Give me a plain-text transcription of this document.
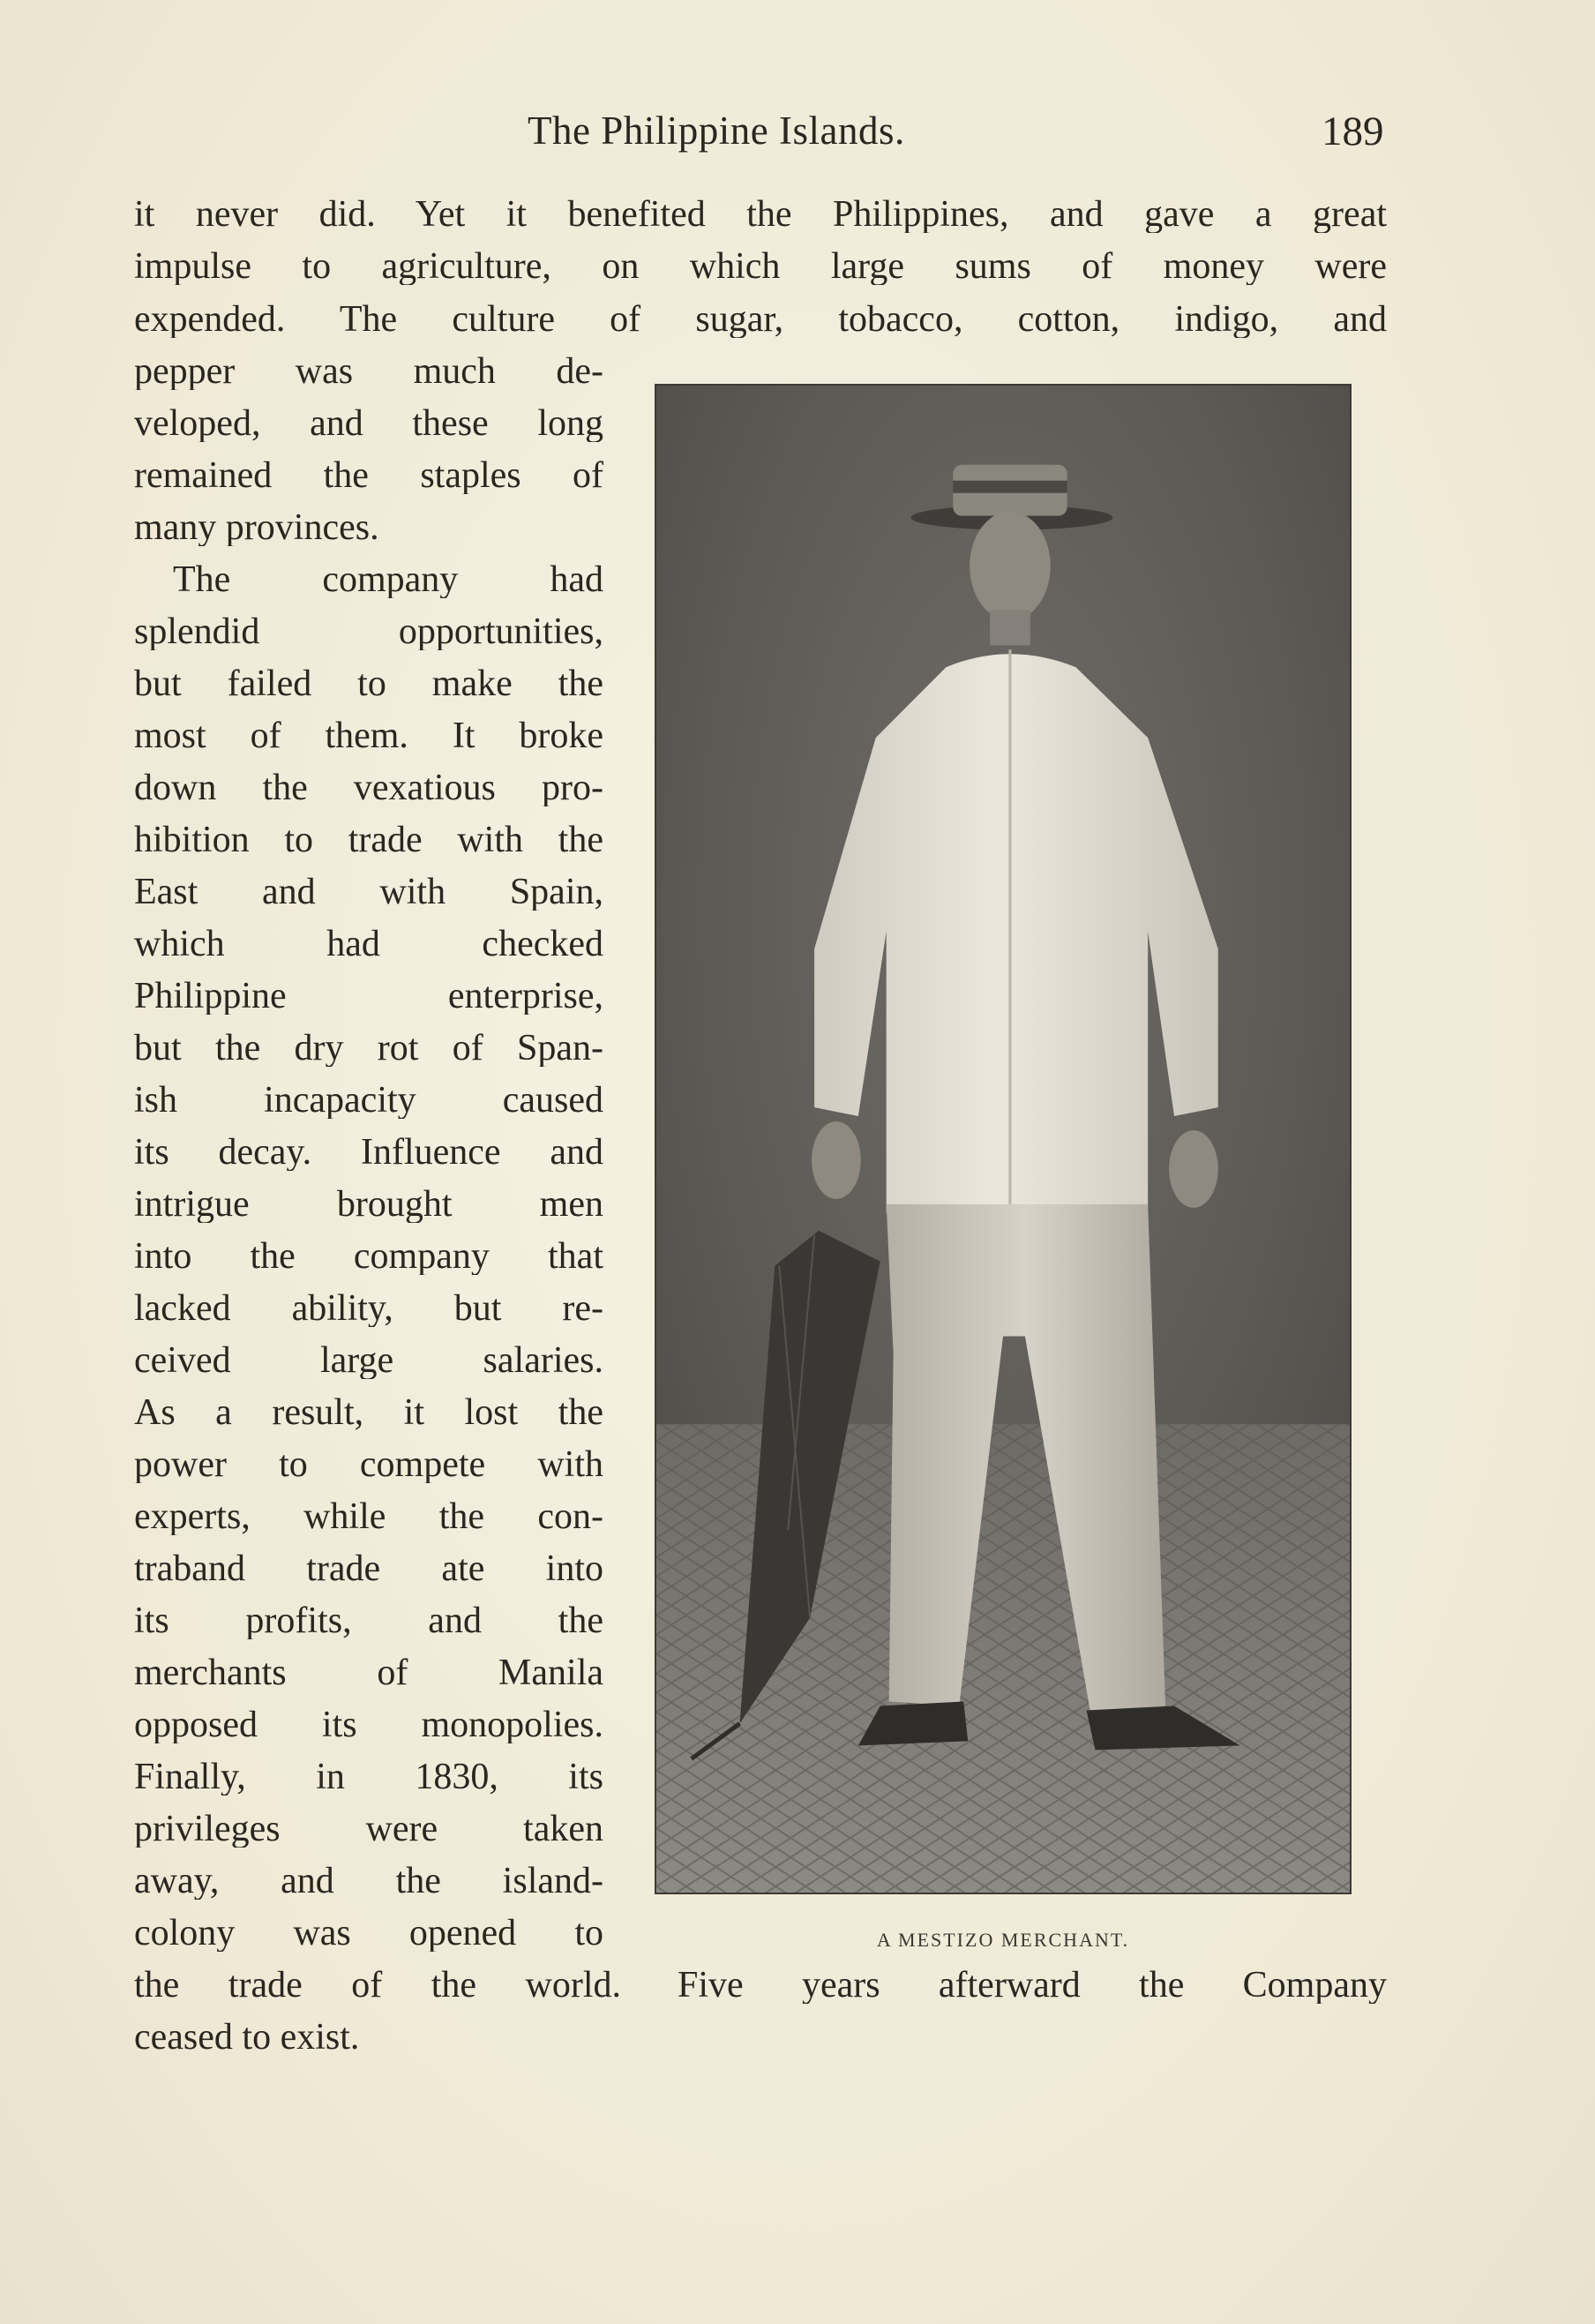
The Philippine Islands.	189
it never did. Yet it benefited the Philippines, and gave a great
impulse to agriculture, on which large sums of money were
expended. The culture of sugar, tobacco, cotton, indigo, and
pepper was much de-
veloped, and these long
remained the staples of
many provinces.
The company had
splendid opportunities,
but failed to make the
most of them. It broke
down the vexatious pro-
hibition to trade with the
East and with Spain,
which had checked
Philippine enterprise,
but the dry rot of Span-
ish incapacity caused
its decay. Influence and
intrigue brought men
into the company that
lacked ability, but re-
ceived large salaries.
As a result, it lost the
power to compete with
experts, while the con-
traband trade ate into
its profits, and the
merchants of Manila
opposed its monopolies.
Finally, in 1830, its
privileges were taken
away, and the island-
colony was opened to
the trade of the world. Five years afterward the Company
ceased to exist.
A MESTIZO MERCHANT.
